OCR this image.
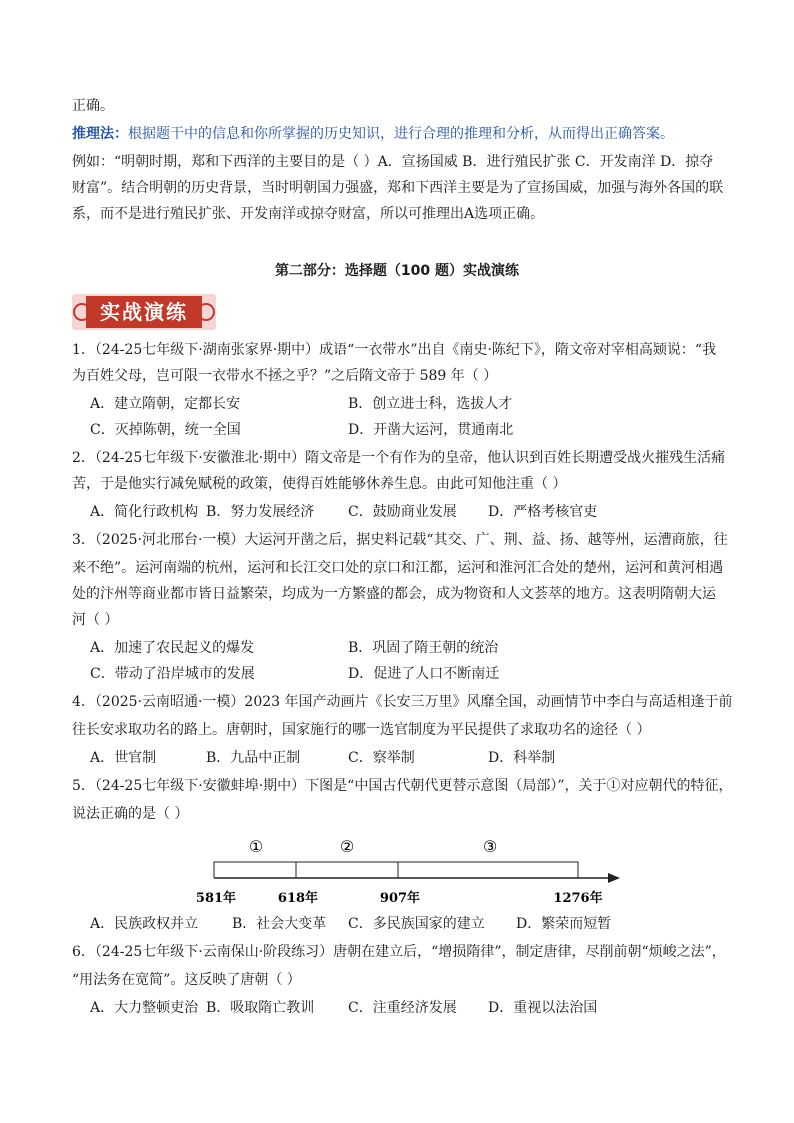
正确。
推理法：根据题干中的信息和你所掌握的历史知识，进行合理的推理和分析，从而得出正确答案。
例如：“明朝时期，郑和下西洋的主要目的是（ ）A．宣扬国威 B．进行殖民扩张 C．开发南洋 D．掠夺
财富”。结合明朝的历史背景，当时明朝国力强盛，郑和下西洋主要是为了宣扬国威，加强与海外各国的联
系，而不是进行殖民扩张、开发南洋或掠夺财富，所以可推理出A选项正确。
第二部分：选择题（100 题）实战演练
实战演练
1．（24-25七年级下·湖南张家界·期中）成语“一衣带水”出自《南史·陈纪下》，隋文帝对宰相高颎说：“我
为百姓父母，岂可限一衣带水不拯之乎？”之后隋文帝于 589 年（ ）
A．建立隋朝，定都长安	B．创立进士科，选拔人才
C．灭掉陈朝，统一全国	D．开凿大运河，贯通南北
2．（24-25七年级下·安徽淮北·期中）隋文帝是一个有作为的皇帝，他认识到百姓长期遭受战火摧残生活痛
苦，于是他实行减免赋税的政策，使得百姓能够休养生息。由此可知他注重（ ）
A．简化行政机构 B．努力发展经济 C．鼓励商业发展 D．严格考核官吏
3．（2025·河北邢台·一模）大运河开凿之后，据史料记载“其交、广、荆、益、扬、越等州，运漕商旅，往
来不绝”。运河南端的杭州，运河和长江交口处的京口和江都，运河和淮河汇合处的楚州，运河和黄河相遇
处的汴州等商业都市皆日益繁荣，均成为一方繁盛的都会，成为物资和人文荟萃的地方。这表明隋朝大运
河（ ）
A．加速了农民起义的爆发	B．巩固了隋王朝的统治
C．带动了沿岸城市的发展	D．促进了人口不断南迁
4．（2025·云南昭通·一模）2023 年国产动画片《长安三万里》风靡全国，动画情节中李白与高适相逢于前
往长安求取功名的路上。唐朝时，国家施行的哪一选官制度为平民提供了求取功名的途径（ ）
A．世官制	B．九品中正制	C．察举制	D．科举制
5．（24-25七年级下·安徽蚌埠·期中）下图是“中国古代朝代更替示意图（局部）”，关于①对应朝代的特征，
说法正确的是（ ）
①	②	③
581年	618年	907年	1276年
A．民族政权并立 B．社会大变革 C．多民族国家的建立 D．繁荣而短暂
6．（24-25七年级下·云南保山·阶段练习）唐朝在建立后，“增损隋律”，制定唐律，尽削前朝“烦峻之法”，
“用法务在宽简”。这反映了唐朝（ ）
A．大力整顿吏治 B．吸取隋亡教训 C．注重经济发展 D．重视以法治国
